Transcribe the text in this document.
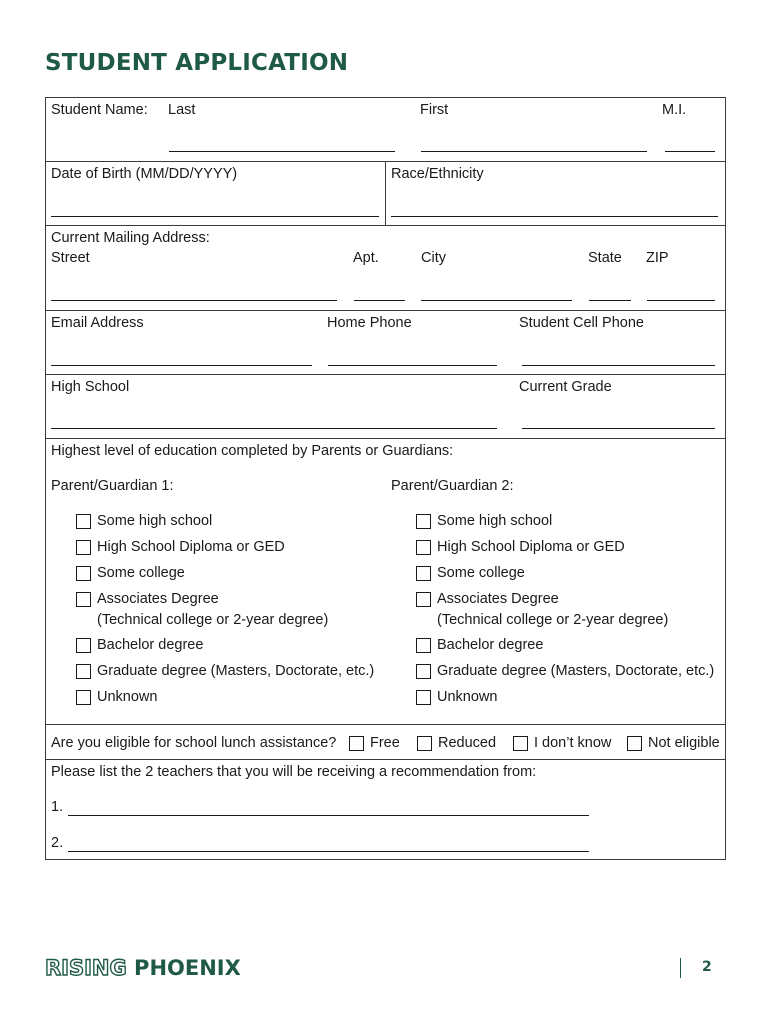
STUDENT APPLICATION
Student Name: Last	First	M.I.
Date of Birth (MM/DD/YYYY)	Race/Ethnicity
Current Mailing Address:
Street	Apt.	City	State ZIP
Email Address	Home Phone	Student Cell Phone
High School	Current Grade
Highest level of education completed by Parents or Guardians:
Parent/Guardian 1:	Parent/Guardian 2:
Some high school
High School Diploma or GED
Some college
Associates Degree
(Technical college or 2-year degree)
Bachelor degree
Graduate degree (Masters, Doctorate, etc.)
Unknown
Some high school
High School Diploma or GED
Some college
Associates Degree
(Technical college or 2-year degree)
Bachelor degree
Graduate degree (Masters, Doctorate, etc.)
Unknown
Are you eligible for school lunch assistance? Free	Reduced	I don’t know	Not eligible
Please list the 2 teachers that you will be receiving a recommendation from:
1.
2.
RISING PHOENIX	2
